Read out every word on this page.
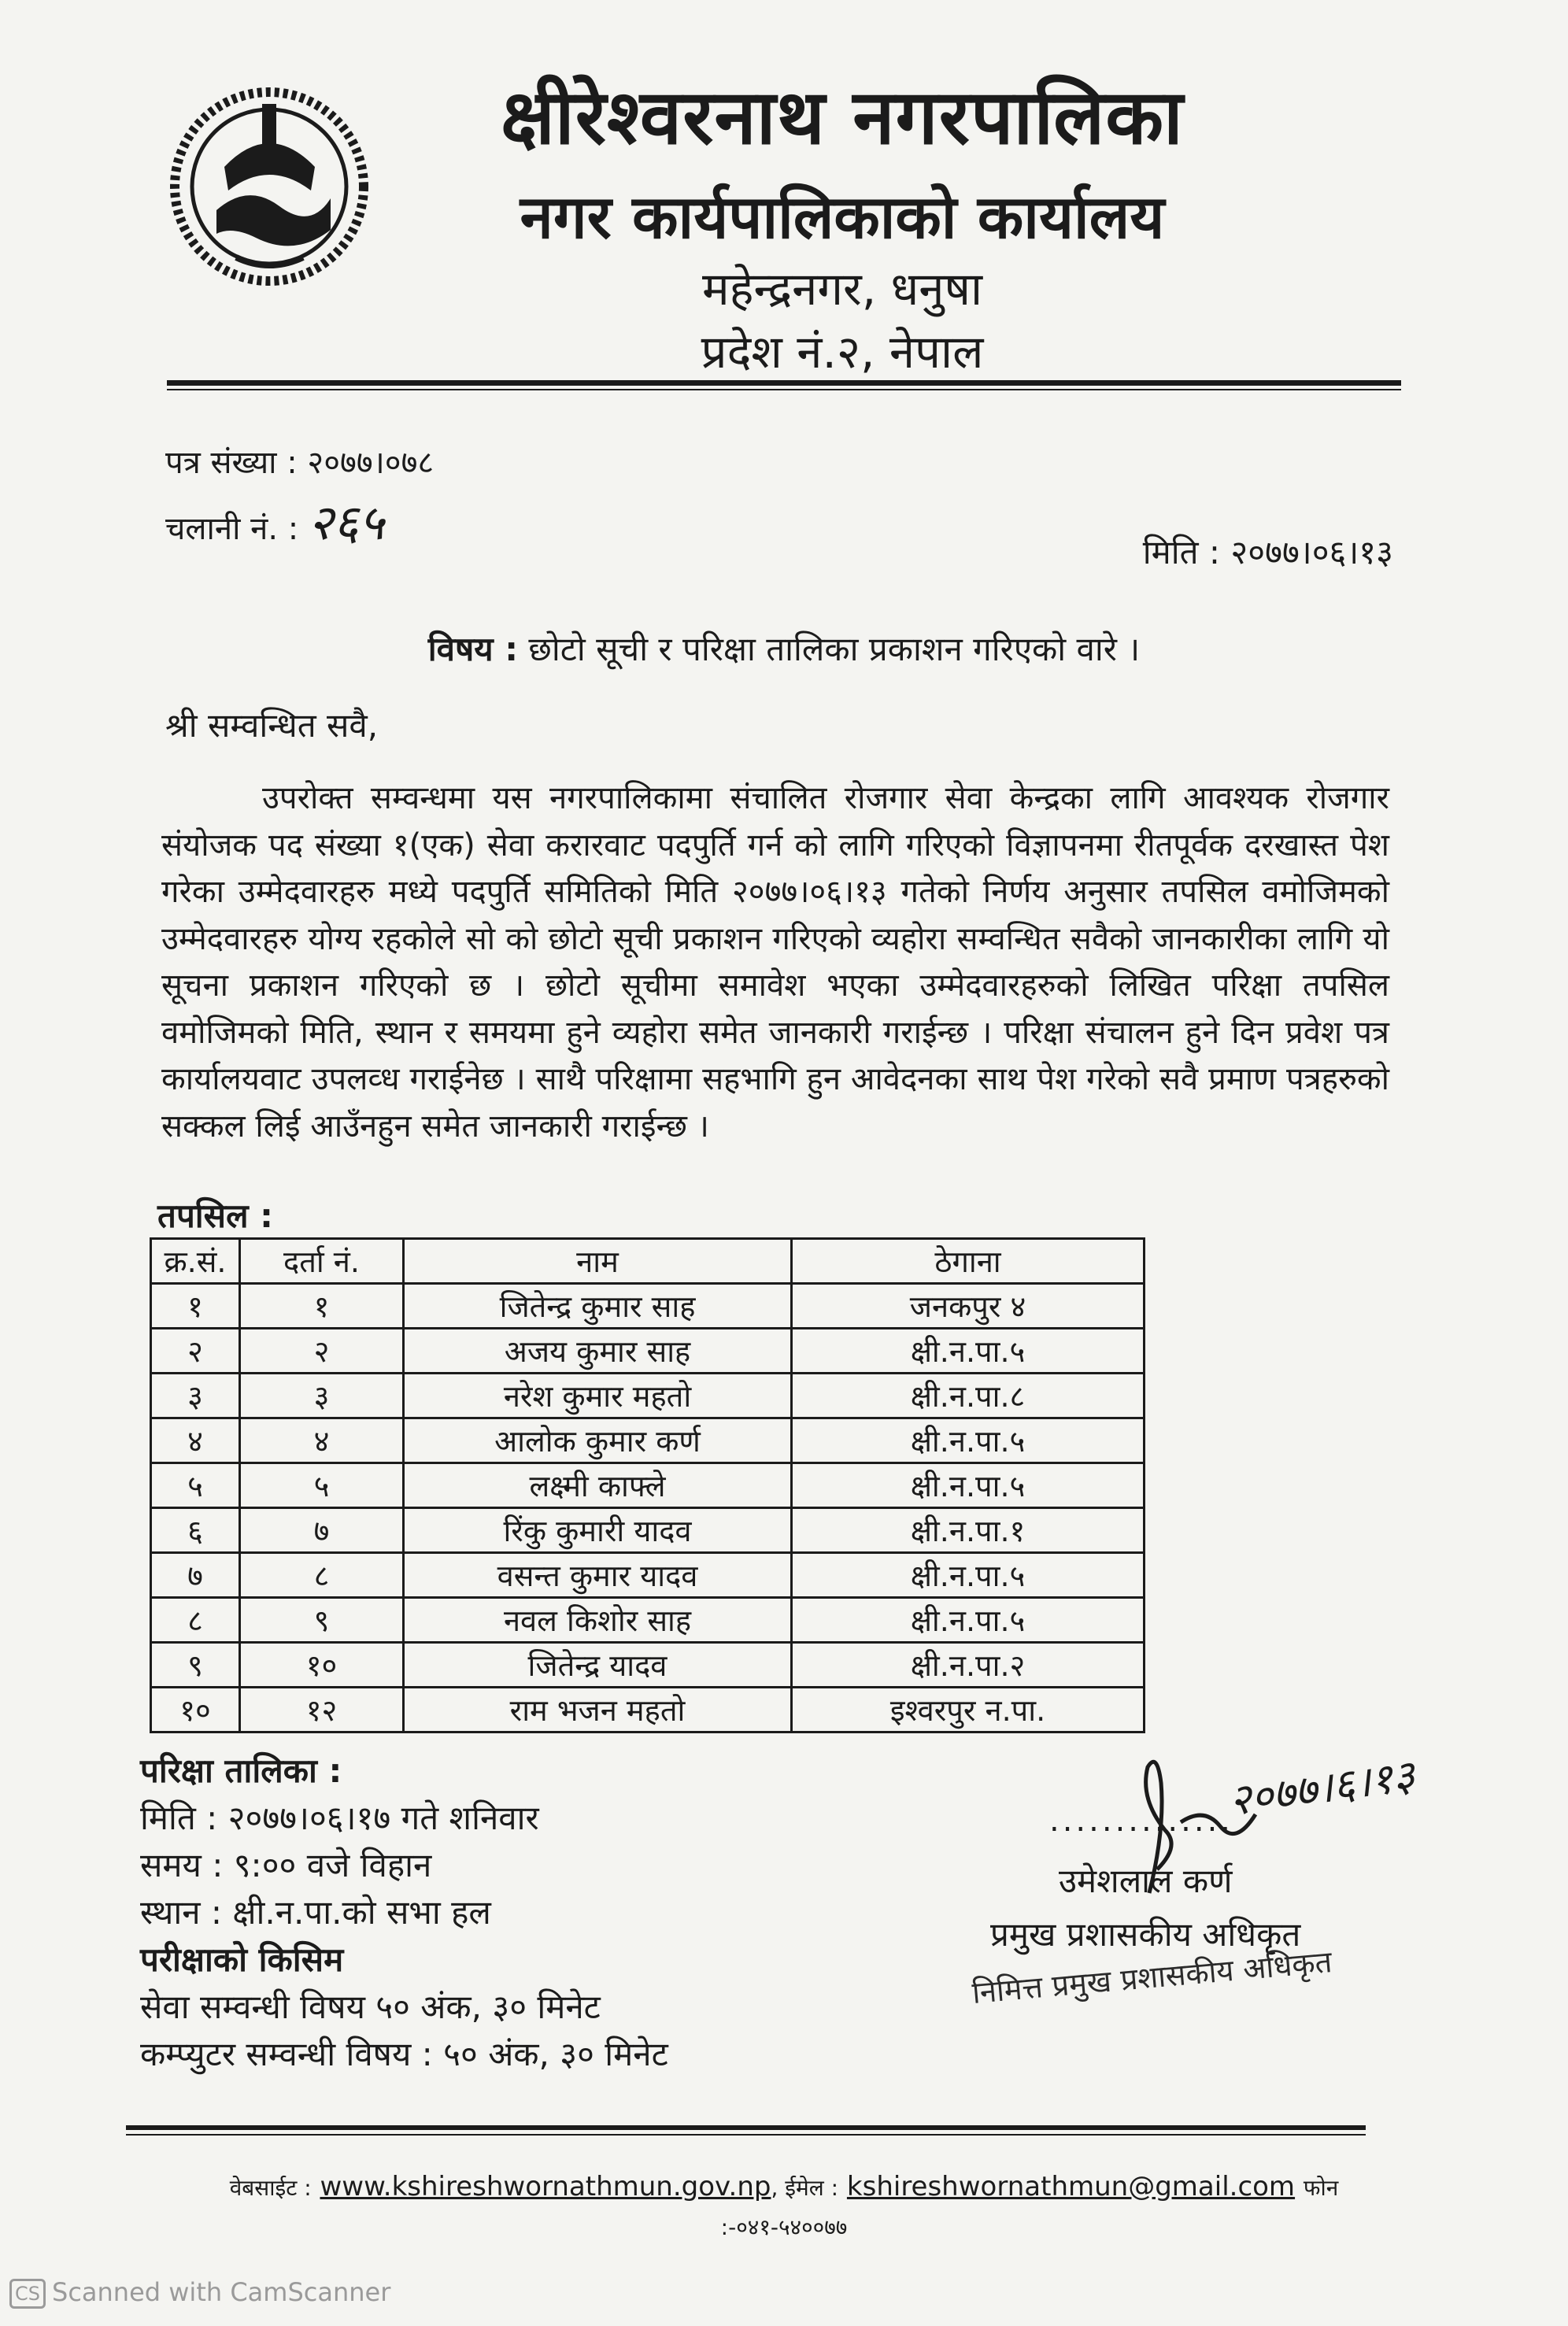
क्षीरेश्वरनाथ नगरपालिका
नगर कार्यपालिकाको कार्यालय
महेन्द्रनगर, धनुषा
प्रदेश नं.२, नेपाल
पत्र संख्या : २०७७।०७८
चलानी नं. : २६५
मिति : २०७७।०६।१३
विषय : छोटो सूची र परिक्षा तालिका प्रकाशन गरिएको वारे ।
श्री सम्वन्धित सवै,
उपरोक्त सम्वन्धमा यस नगरपालिकामा संचालित रोजगार सेवा केन्द्रका लागि आवश्यक रोजगार संयोजक पद संख्या १(एक) सेवा करारवाट पदपुर्ति गर्न को लागि गरिएको विज्ञापनमा रीतपूर्वक दरखास्त पेश गरेका उम्मेदवारहरु मध्ये पदपुर्ति समितिको मिति २०७७।०६।१३ गतेको निर्णय अनुसार तपसिल वमोजिमको उम्मेदवारहरु योग्य रहकोले सो को छोटो सूची प्रकाशन गरिएको व्यहोरा सम्वन्धित सवैको जानकारीका लागि यो सूचना प्रकाशन गरिएको छ । छोटो सूचीमा समावेश भएका उम्मेदवारहरुको लिखित परिक्षा तपसिल वमोजिमको मिति, स्थान र समयमा हुने व्यहोरा समेत जानकारी गराईन्छ । परिक्षा संचालन हुने दिन प्रवेश पत्र कार्यालयवाट उपलव्ध गराईनेछ । साथै परिक्षामा सहभागि हुन आवेदनका साथ पेश गरेको सवै प्रमाण पत्रहरुको सक्कल लिई आउँनहुन समेत जानकारी गराईन्छ ।
तपसिल :
क्र.सं.	दर्ता नं.	नाम	ठेगाना
१	१	जितेन्द्र कुमार साह	जनकपुर ४
२	२	अजय कुमार साह	क्षी.न.पा.५
३	३	नरेश कुमार महतो	क्षी.न.पा.८
४	४	आलोक कुमार कर्ण	क्षी.न.पा.५
५	५	लक्ष्मी काफ्ले	क्षी.न.पा.५
६	७	रिंकु कुमारी यादव	क्षी.न.पा.१
७	८	वसन्त कुमार यादव	क्षी.न.पा.५
८	९	नवल किशोर साह	क्षी.न.पा.५
९	१०	जितेन्द्र यादव	क्षी.न.पा.२
१०	१२	राम भजन महतो	इश्वरपुर न.पा.
परिक्षा तालिका :
मिति : २०७७।०६।१७ गते शनिवार
समय : ९:०० वजे विहान
स्थान : क्षी.न.पा.को सभा हल
परीक्षाको किसिम
सेवा सम्वन्धी विषय ५० अंक, ३० मिनेट
कम्प्युटर सम्वन्धी विषय : ५० अंक, ३० मिनेट
२०७७।६।१३
..............
उमेशलाल कर्ण
प्रमुख प्रशासकीय अधिकृत
निमित्त प्रमुख प्रशासकीय अधिकृत
वेबसाईट : www.kshireshwornathmun.gov.np, ईमेल : kshireshwornathmun@gmail.com फोन
:-०४१-५४००७७
CS Scanned with CamScanner
